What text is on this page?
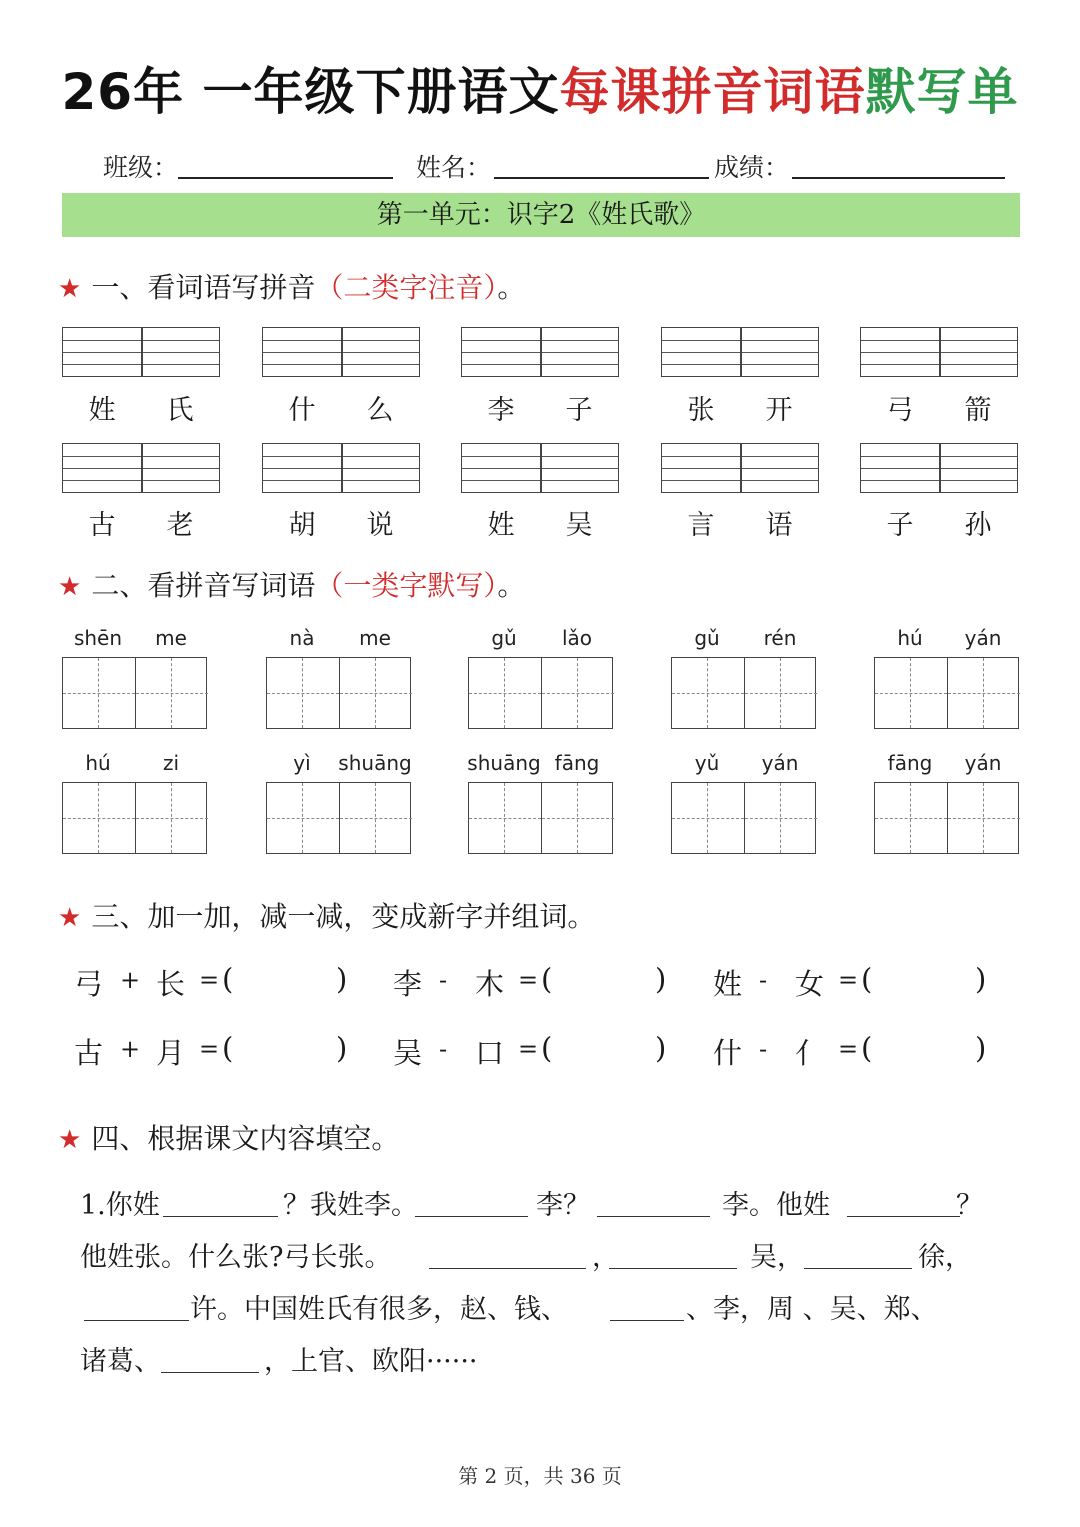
26年 一年级下册语文每课拼音词语默写单
班级：	姓名：	成绩：
第一单元：识字2《姓氏歌》
★ 一、看词语写拼音（二类字注音）。
姓 氏	什 么	李 子	张 开	弓 箭
古 老	胡 说	姓 吴	言 语	子 孙
★ 二、看拼音写词语（一类字默写）。
shēn	me	nà	me	gǔ	lǎo	gǔ	rén	hú	yán
hú	zi	yì	shuāng	shuāng fāng	yǔ	yán	fāng	yán
★ 三、加一加，减一减，变成新字并组词。
弓 + 长 = (	) 李 - 木 = (	) 姓 - 女 = (	)
古 + 月 = (	) 吴 - 口 = (	) 什 - 亻 = (	)
★ 四、根据课文内容填空。
1.你姓	？我姓李。	李？	李。他姓	？
他姓张。什么张?弓长张。	，	吴，	徐，
许。中国姓氏有很多，赵、钱、	、李，周 、吴、郑、
诸葛、	，上官、欧阳······
第 2 页，共 36 页
